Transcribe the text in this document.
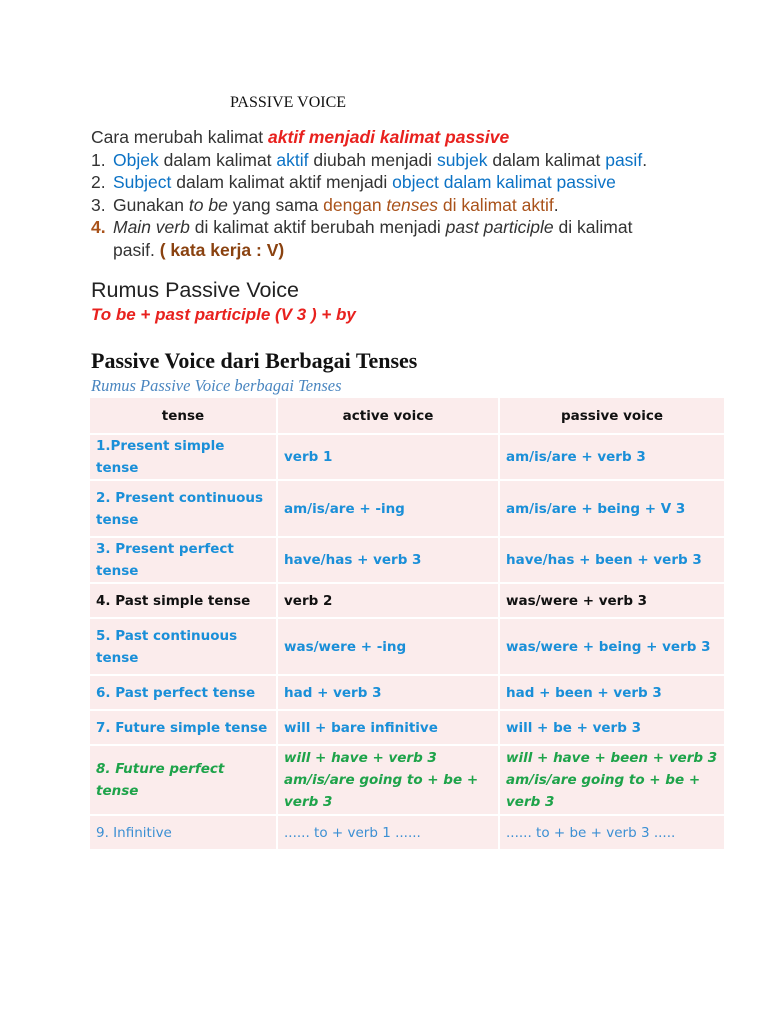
PASSIVE VOICE
Cara merubah kalimat aktif menjadi kalimat passive
1. Objek dalam kalimat aktif diubah menjadi subjek dalam kalimat pasif.
2. Subject dalam kalimat aktif menjadi object dalam kalimat passive
3. Gunakan to be yang sama dengan tenses di kalimat aktif.
4. Main verb di kalimat aktif berubah menjadi past participle di kalimat
pasif. ( kata kerja : V)
Rumus Passive Voice
To be + past participle (V 3 ) + by
Passive Voice dari Berbagai Tenses
Rumus Passive Voice berbagai Tenses
tense	active voice	passive voice
1.Present simple tense	verb 1	am/is/are + verb 3
2. Present continuous tense	am/is/are + -ing	am/is/are + being + V 3
3. Present perfect tense	have/has + verb 3	have/has + been + verb 3
4. Past simple tense	verb 2	was/were + verb 3
5. Past continuous tense	was/were + -ing	was/were + being + verb 3
6. Past perfect tense	had + verb 3	had + been + verb 3
7. Future simple tense	will + bare infinitive	will + be + verb 3
8. Future perfect tense	will + have + verb 3 am/is/are going to + be + verb 3	will + have + been + verb 3 am/is/are going to + be + verb 3
9. Infinitive	...... to + verb 1 ......	...... to + be + verb 3 .....
